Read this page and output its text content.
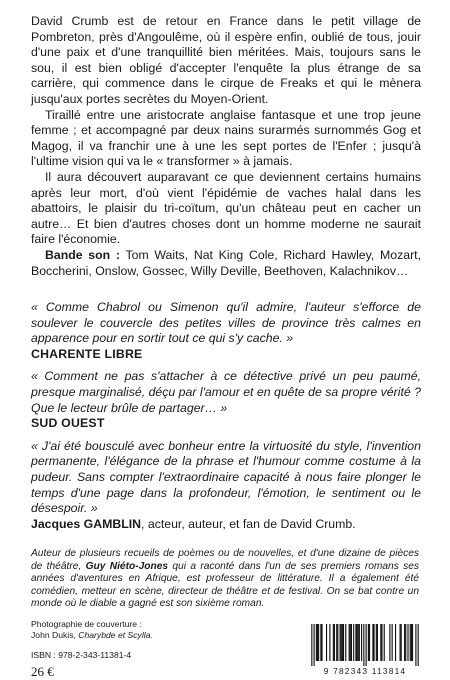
David Crumb est de retour en France dans le petit village de Pombreton, près d'Angoulême, où il espère enfin, oublié de tous, jouir d'une paix et d'une tranquillité bien méritées. Mais, toujours sans le sou, il est bien obligé d'accepter l'enquête la plus étrange de sa carrière, qui commence dans le cirque de Freaks et qui le mènera jusqu'aux portes secrètes du Moyen-Orient.

Tiraillé entre une aristocrate anglaise fantasque et une trop jeune femme ; et accompagné par deux nains surarmés surnommés Gog et Magog, il va franchir une à une les sept portes de l'Enfer ; jusqu'à l'ultime vision qui va le « transformer » à jamais.

Il aura découvert auparavant ce que deviennent certains humains après leur mort, d'où vient l'épidémie de vaches halal dans les abattoirs, le plaisir du tri-coïtum, qu'un château peut en cacher un autre… Et bien d'autres choses dont un homme moderne ne saurait faire l'économie.

Bande son : Tom Waits, Nat King Cole, Richard Hawley, Mozart, Boccherini, Onslow, Gossec, Willy Deville, Beethoven, Kalachnikov…

« Comme Chabrol ou Simenon qu'il admire, l'auteur s'efforce de soulever le couvercle des petites villes de province très calmes en apparence pour en sortir tout ce qui s'y cache. »

CHARENTE LIBRE

« Comment ne pas s'attacher à ce détective privé un peu paumé, presque marginalisé, déçu par l'amour et en quête de sa propre vérité ? Que le lecteur brûle de partager… »

SUD OUEST

« J'ai été bousculé avec bonheur entre la virtuosité du style, l'invention permanente, l'élégance de la phrase et l'humour comme costume à la pudeur. Sans compter l'extraordinaire capacité à nous faire plonger le temps d'une page dans la profondeur, l'émotion, le sentiment ou le désespoir. »

Jacques GAMBLIN, acteur, auteur, et fan de David Crumb.

Auteur de plusieurs recueils de poèmes ou de nouvelles, et d'une dizaine de pièces de théâtre, Guy Niéto-Jones qui a raconté dans l'un de ses premiers romans ses années d'aventures en Afrique, est professeur de littérature. Il a également été comédien, metteur en scène, directeur de théâtre et de festival. On se bat contre un monde où le diable a gagné est son sixième roman.
Photographie de couverture :
John Dukis, Charybde et Scylla.
ISBN : 978-2-343-11381-4
26 €	9 782343 113814
